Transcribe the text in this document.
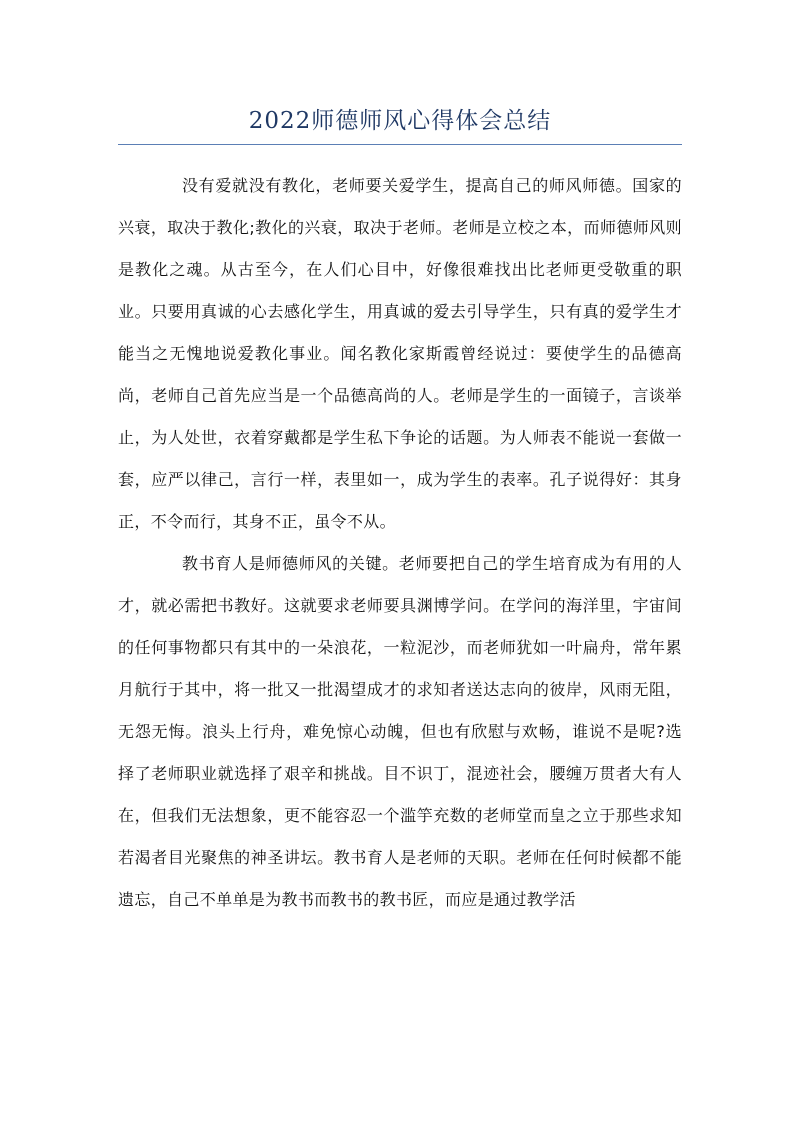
2022师德师风心得体会总结

没有爱就没有教化，老师要关爱学生，提高自己的师风师德。国家的兴衰，取决于教化;教化的兴衰，取决于老师。老师是立校之本，而师德师风则是教化之魂。从古至今，在人们心目中，好像很难找出比老师更受敬重的职业。只要用真诚的心去感化学生，用真诚的爱去引导学生，只有真的爱学生才能当之无愧地说爱教化事业。闻名教化家斯霞曾经说过：要使学生的品德高尚，老师自己首先应当是一个品德高尚的人。老师是学生的一面镜子，言谈举止，为人处世，衣着穿戴都是学生私下争论的话题。为人师表不能说一套做一套，应严以律己，言行一样，表里如一，成为学生的表率。孔子说得好：其身正，不令而行，其身不正，虽令不从。

教书育人是师德师风的关键。老师要把自己的学生培育成为有用的人才，就必需把书教好。这就要求老师要具渊博学问。在学问的海洋里，宇宙间的任何事物都只有其中的一朵浪花，一粒泥沙，而老师犹如一叶扁舟，常年累月航行于其中，将一批又一批渴望成才的求知者送达志向的彼岸，风雨无阻，无怨无悔。浪头上行舟，难免惊心动魄，但也有欣慰与欢畅，谁说不是呢?选择了老师职业就选择了艰辛和挑战。目不识丁，混迹社会，腰缠万贯者大有人在，但我们无法想象，更不能容忍一个滥竽充数的老师堂而皇之立于那些求知若渴者目光聚焦的神圣讲坛。教书育人是老师的天职。老师在任何时候都不能遗忘，自己不单单是为教书而教书的教书匠，而应是通过教学活
